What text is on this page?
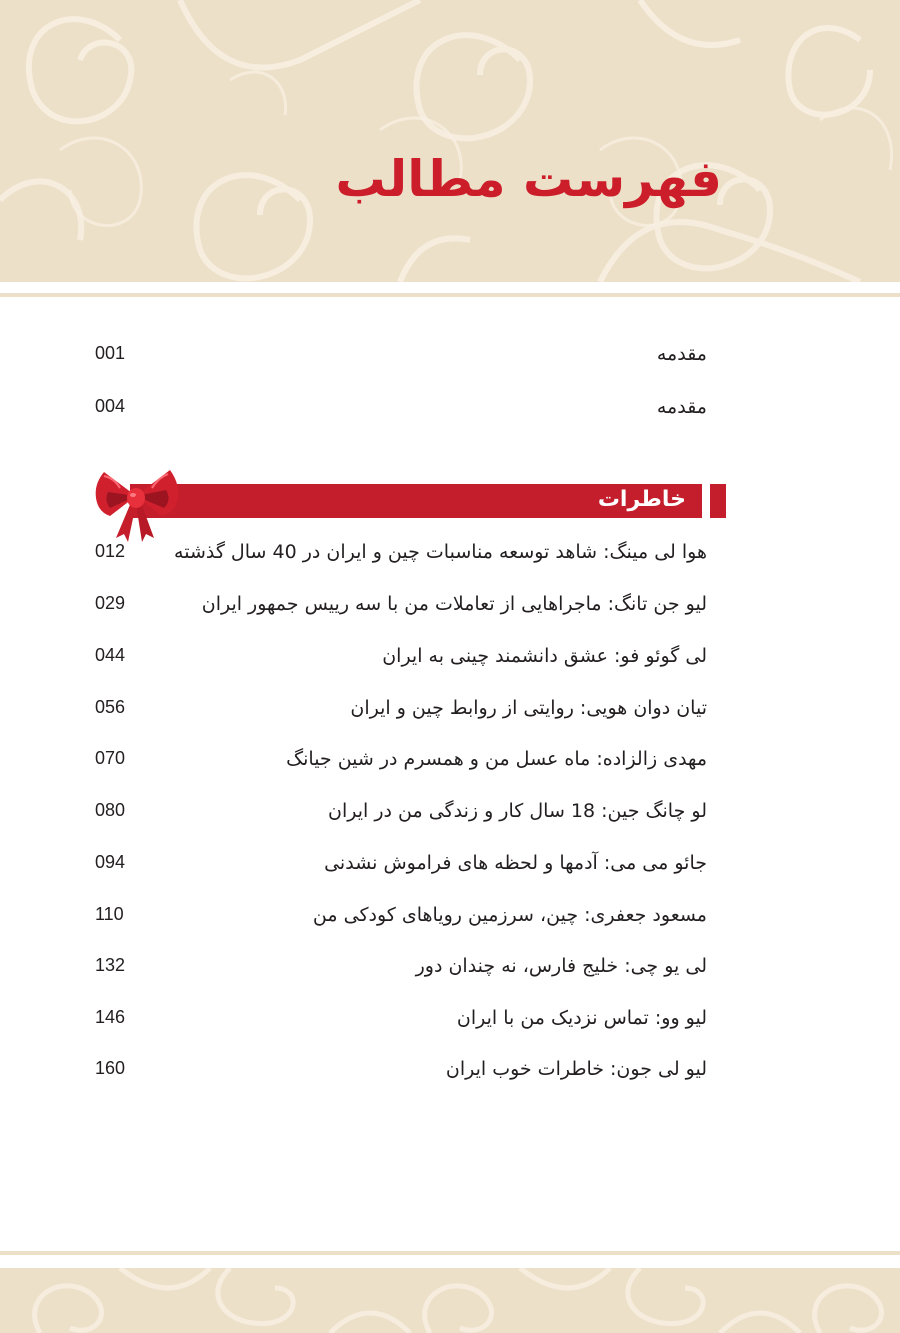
فهرست مطالب
مقدمه
001
مقدمه
004
خاطرات
هوا لی مینگ: شاهد توسعه مناسبات چین و ایران در 40 سال گذشته
012
لیو جن تانگ: ماجراهایی از تعاملات من با سه رییس جمهور ایران
029
لی گوئو فو: عشق دانشمند چینی به ایران
044
تیان دوان هویی: روایتی از روابط چین و ایران
056
مهدی زالزاده: ماه عسل من و همسرم در شین جیانگ
070
لو چانگ جین: 18 سال کار و زندگی من در ایران
080
جائو می می: آدمها و لحظه های فراموش نشدنی
094
مسعود جعفری: چین، سرزمین رویاهای کودکی من
110
لی یو چی: خلیج فارس، نه چندان دور
132
لیو وو: تماس نزدیک من با ایران
146
لیو لی جون: خاطرات خوب ایران
160
